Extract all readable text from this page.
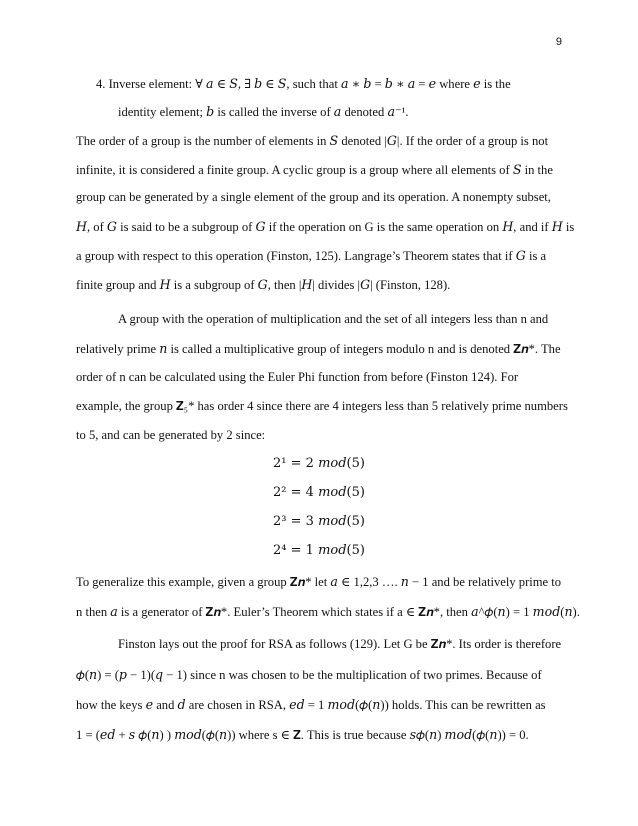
9
4. Inverse element: ∀ 𝑎 ∈ 𝑆, ∃ 𝑏 ∈ 𝑆, such that 𝑎 ∗ 𝑏 = 𝑏 ∗ 𝑎 = 𝑒 where 𝑒 is the
identity element; 𝑏 is called the inverse of 𝑎 denoted 𝑎⁻¹.
The order of a group is the number of elements in 𝑆 denoted |𝐺|. If the order of a group is not
infinite, it is considered a finite group. A cyclic group is a group where all elements of 𝑆 in the
group can be generated by a single element of the group and its operation. A nonempty subset,
𝐻, of 𝐺 is said to be a subgroup of 𝐺 if the operation on G is the same operation on 𝐻, and if 𝐻 is
a group with respect to this operation (Finston, 125). Langrage’s Theorem states that if 𝐺 is a
finite group and 𝐻 is a subgroup of 𝐺, then |𝐻| divides |𝐺| (Finston, 128).
A group with the operation of multiplication and the set of all integers less than n and
relatively prime 𝑛 is called a multiplicative group of integers modulo n and is denoted 𝐙𝒏*. The
order of n can be calculated using the Euler Phi function from before (Finston 124). For
example, the group 𝐙₅* has order 4 since there are 4 integers less than 5 relatively prime numbers
to 5, and can be generated by 2 since:
2¹ = 2 𝑚𝑜𝑑(5)
2² = 4 𝑚𝑜𝑑(5)
2³ = 3 𝑚𝑜𝑑(5)
2⁴ = 1 𝑚𝑜𝑑(5)
To generalize this example, given a group 𝐙𝒏* let 𝑎 ∈ 1,2,3 …. 𝑛 − 1 and be relatively prime to
n then 𝑎 is a generator of 𝐙𝒏*. Euler’s Theorem which states if a ∈ 𝐙𝒏*, then 𝑎^𝜙(𝑛) = 1 𝑚𝑜𝑑(𝑛).
Finston lays out the proof for RSA as follows (129). Let G be 𝐙𝒏*. Its order is therefore
𝜙(𝑛) = (𝑝 − 1)(𝑞 − 1) since n was chosen to be the multiplication of two primes. Because of
how the keys 𝑒 and 𝑑 are chosen in RSA, 𝑒𝑑 = 1 𝑚𝑜𝑑(𝜙(𝑛)) holds. This can be rewritten as
1 = (𝑒𝑑 + 𝑠 𝜙(𝑛) ) 𝑚𝑜𝑑(𝜙(𝑛)) where s ∈ 𝐙. This is true because 𝑠𝜙(𝑛) 𝑚𝑜𝑑(𝜙(𝑛)) = 0.
